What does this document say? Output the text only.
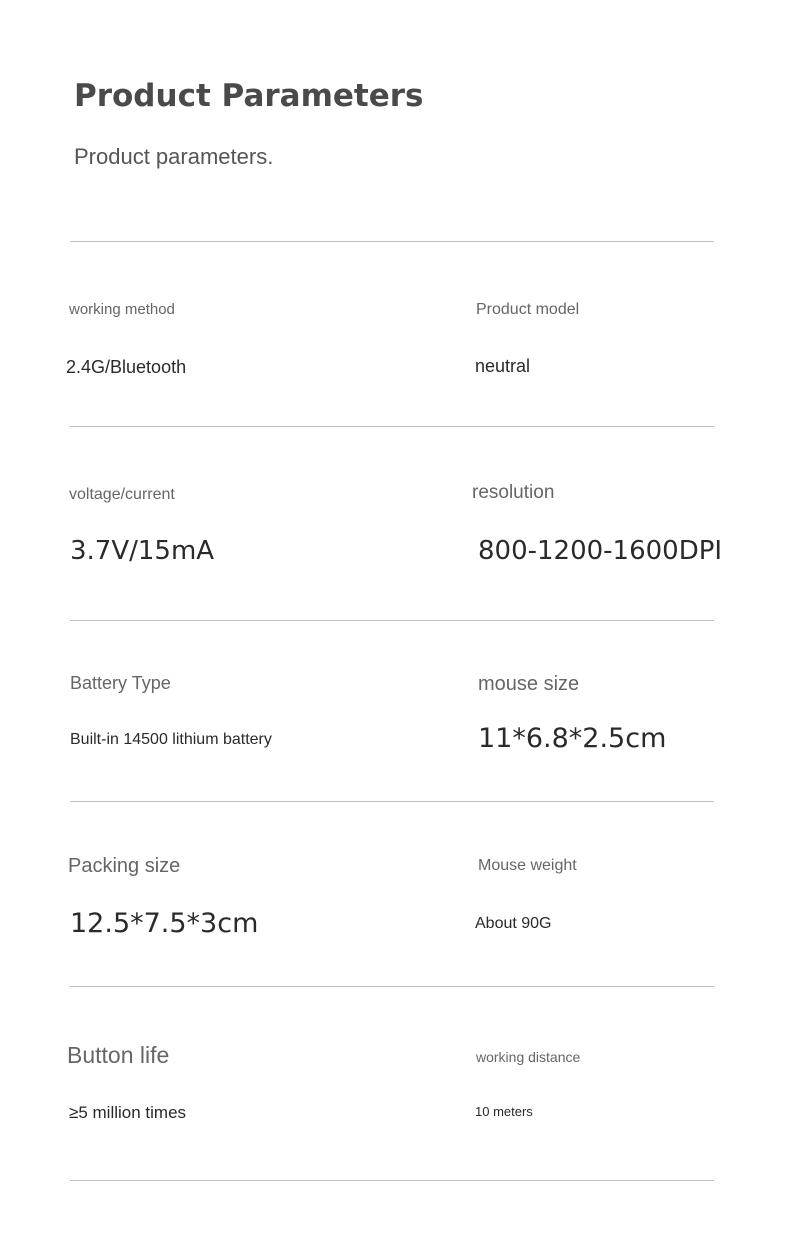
Product Parameters
Product parameters.
working method
2.4G/Bluetooth
Product model
neutral
voltage/current
3.7V/15mA
resolution
800-1200-1600DPI
Battery Type
Built-in 14500 lithium battery
mouse size
11*6.8*2.5cm
Packing size
12.5*7.5*3cm
Mouse weight
About 90G
Button life
≥5 million times
working distance
10 meters
